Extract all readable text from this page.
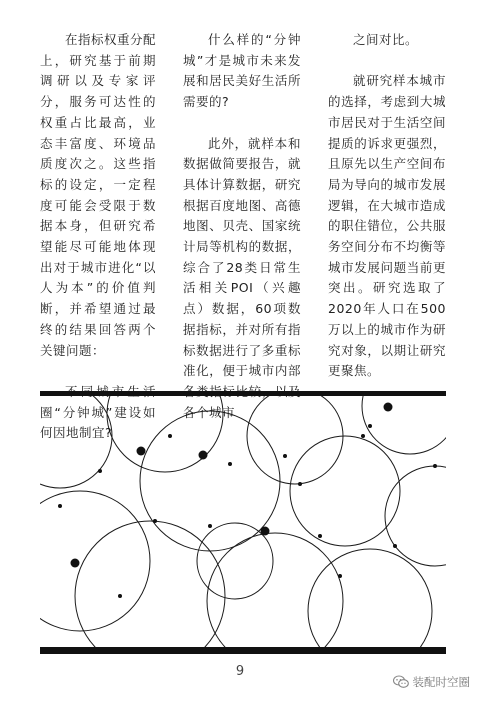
在指标权重分配上，研究基于前期调研以及专家评分，服务可达性的权重占比最高，业态丰富度、环境品质度次之。这些指标的设定，一定程度可能会受限于数据本身，但研究希望能尽可能地体现出对于城市进化“以人为本”的价值判断，并希望通过最终的结果回答两个关键问题：

圈“分钟城”建设如何因地制宜?

什么样的“分钟城”才是城市未来发展和居民美好生活所需要的?

此外，就样本和数据做简要报告，就具体计算数据，研究根据百度地图、高德地图、贝壳、国家统计局等机构的数据，综合了28类日常生活相关POI（兴趣点）数据，60项数据指标，并对所有指标数据进行了多重标准化，便于城市内部 各个城市

之间对比。

就研究样本城市的选择，考虑到大城市居民对于生活空间提质的诉求更强烈，且原先以生产空间布局为导向的城市发展逻辑，在大城市造成的职住错位，公共服务空间分布不均衡等城市发展问题当前更突出。研究选取了2020年人口在500万以上的城市作为研究对象，以期让研究更聚焦。

9
装配时空圈
